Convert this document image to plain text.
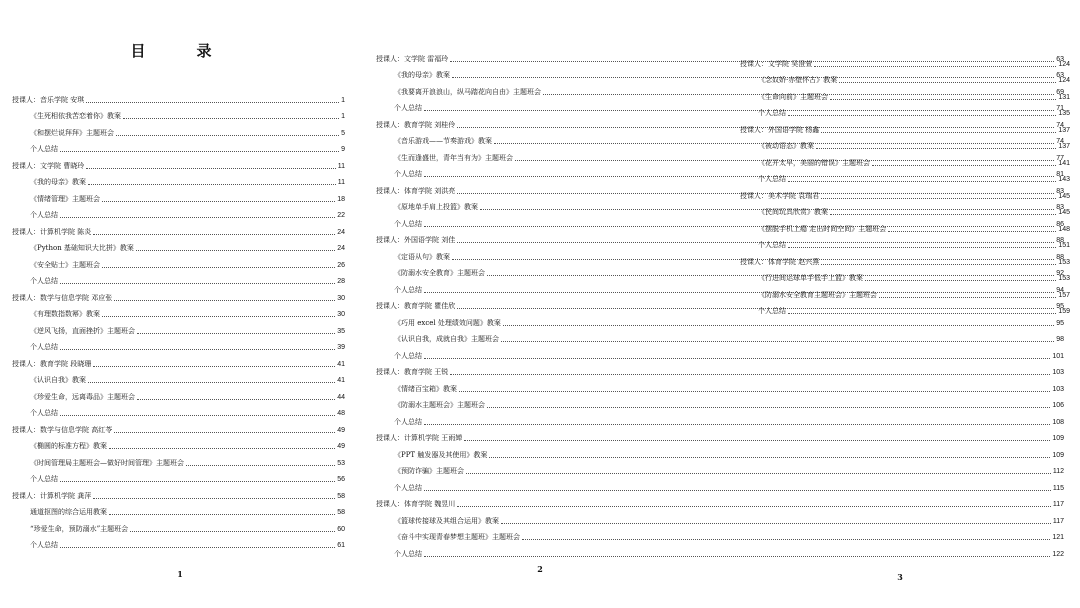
目　录
授课人：音乐学院 安琪	1
《生死相依我苦恋着你》教案	1
《和摆烂说拜拜》主题班会	5
个人总结	9
授课人：文学院 曹晓玲	11
《我的母亲》教案	11
《情绪管理》主题班会	18
个人总结	22
授课人：计算机学院 陈炎	24
《Python 基础知识大比拼》教案	24
《安全贴士》主题班会	26
个人总结	28
授课人：数学与信息学院 邓应张	30
《有理数指数幂》教案	30
《逆风飞扬，直面挫折》主题班会	35
个人总结	39
授课人：教育学院 段晓珊	41
《认识自我》教案	41
《珍爱生命，远离毒品》主题班会	44
个人总结	48
授课人：数学与信息学院 高红苓	49
《椭圆的标准方程》教案	49
《时间管理局主题班会—做好时间管理》主题班会	53
个人总结	56
授课人：计算机学院 龚萍	58
通道抠图的综合运用教案	58
“珍爱生命，预防溺水”主题班会	60
个人总结	61
1
授课人：文学院 雷福玲	63
《我的母亲》教案	63
《我要离开浪浪山，纵马踏花向自由》主题班会	69
个人总结	71
授课人：教育学院 刘桂伶	74
《音乐游戏——节奏游戏》教案	74
《生而逢盛世，青年当有为》主题班会	77
个人总结	81
授课人：体育学院 刘洪亮	83
《原地单手肩上投篮》教案	83
个人总结	86
授课人：外国语学院 刘佳	88
《定语从句》教案	88
《防溺水安全教育》主题班会	92
个人总结	94
授课人：教育学院 瞿佳欣	95
《巧用 excel 处理绩效问题》教案	95
《认识自我，成就自我》主题班会	98
个人总结	101
授课人：教育学院 王锐	103
《情绪百宝箱》教案	103
《防溺水主题班会》主题班会	106
个人总结	108
授课人：计算机学院 王雨婵	109
《PPT 触发器及其使用》教案	109
《预防诈骗》主题班会	112
个人总结	115
授课人：体育学院 魏昱川	117
《篮球传接球及其组合运用》教案	117
《奋斗中实现青春梦想主题班》主题班会	121
个人总结	122
2
授课人：文学院 吴澄萱	124
《念奴娇·赤壁怀古》教案	124
《生命向前》主题班会	131
个人总结	135
授课人：外国语学院 杨鑫	137
《被动语态》教案	137
《花开太早，美丽的错误》主题班会	141
个人总结	143
授课人：美术学院 袁瑞君	145
《民间玩具欣赏》教案	145
《摆脱手机上瘾 走出时间空间》主题班会	148
个人总结	151
授课人：体育学院 赵兴燕	153
《行进间运球单手低手上篮》教案	153
《防溺水安全教育主题班会》主题班会	157
个人总结	159
3
